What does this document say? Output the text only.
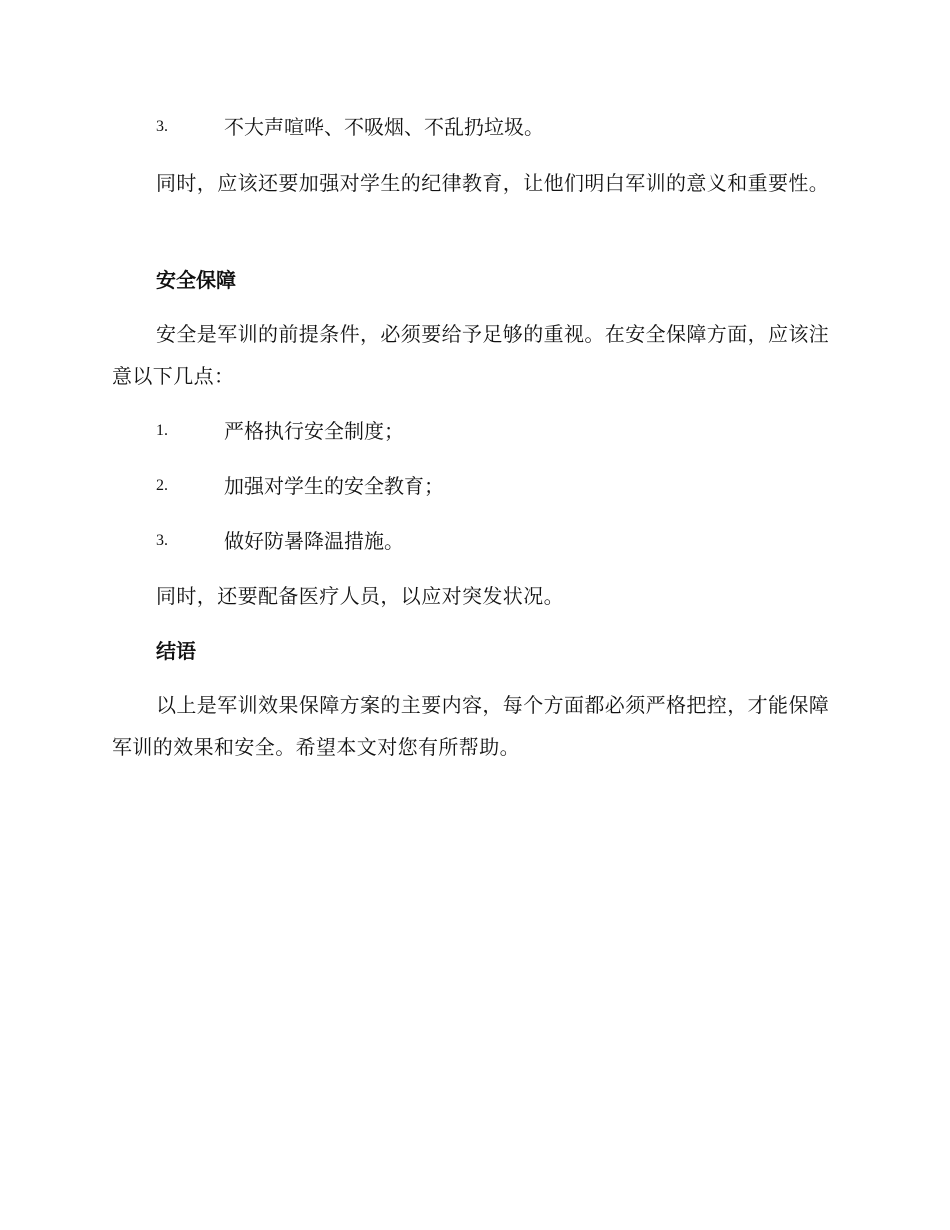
3.	不大声喧哗、不吸烟、不乱扔垃圾。
同时，应该还要加强对学生的纪律教育，让他们明白军训的意义和重要性。
安全保障
安全是军训的前提条件，必须要给予足够的重视。在安全保障方面，应该注意以下几点：
1.	严格执行安全制度；
2.	加强对学生的安全教育；
3.	做好防暑降温措施。
同时，还要配备医疗人员，以应对突发状况。
结语
以上是军训效果保障方案的主要内容，每个方面都必须严格把控，才能保障军训的效果和安全。希望本文对您有所帮助。
